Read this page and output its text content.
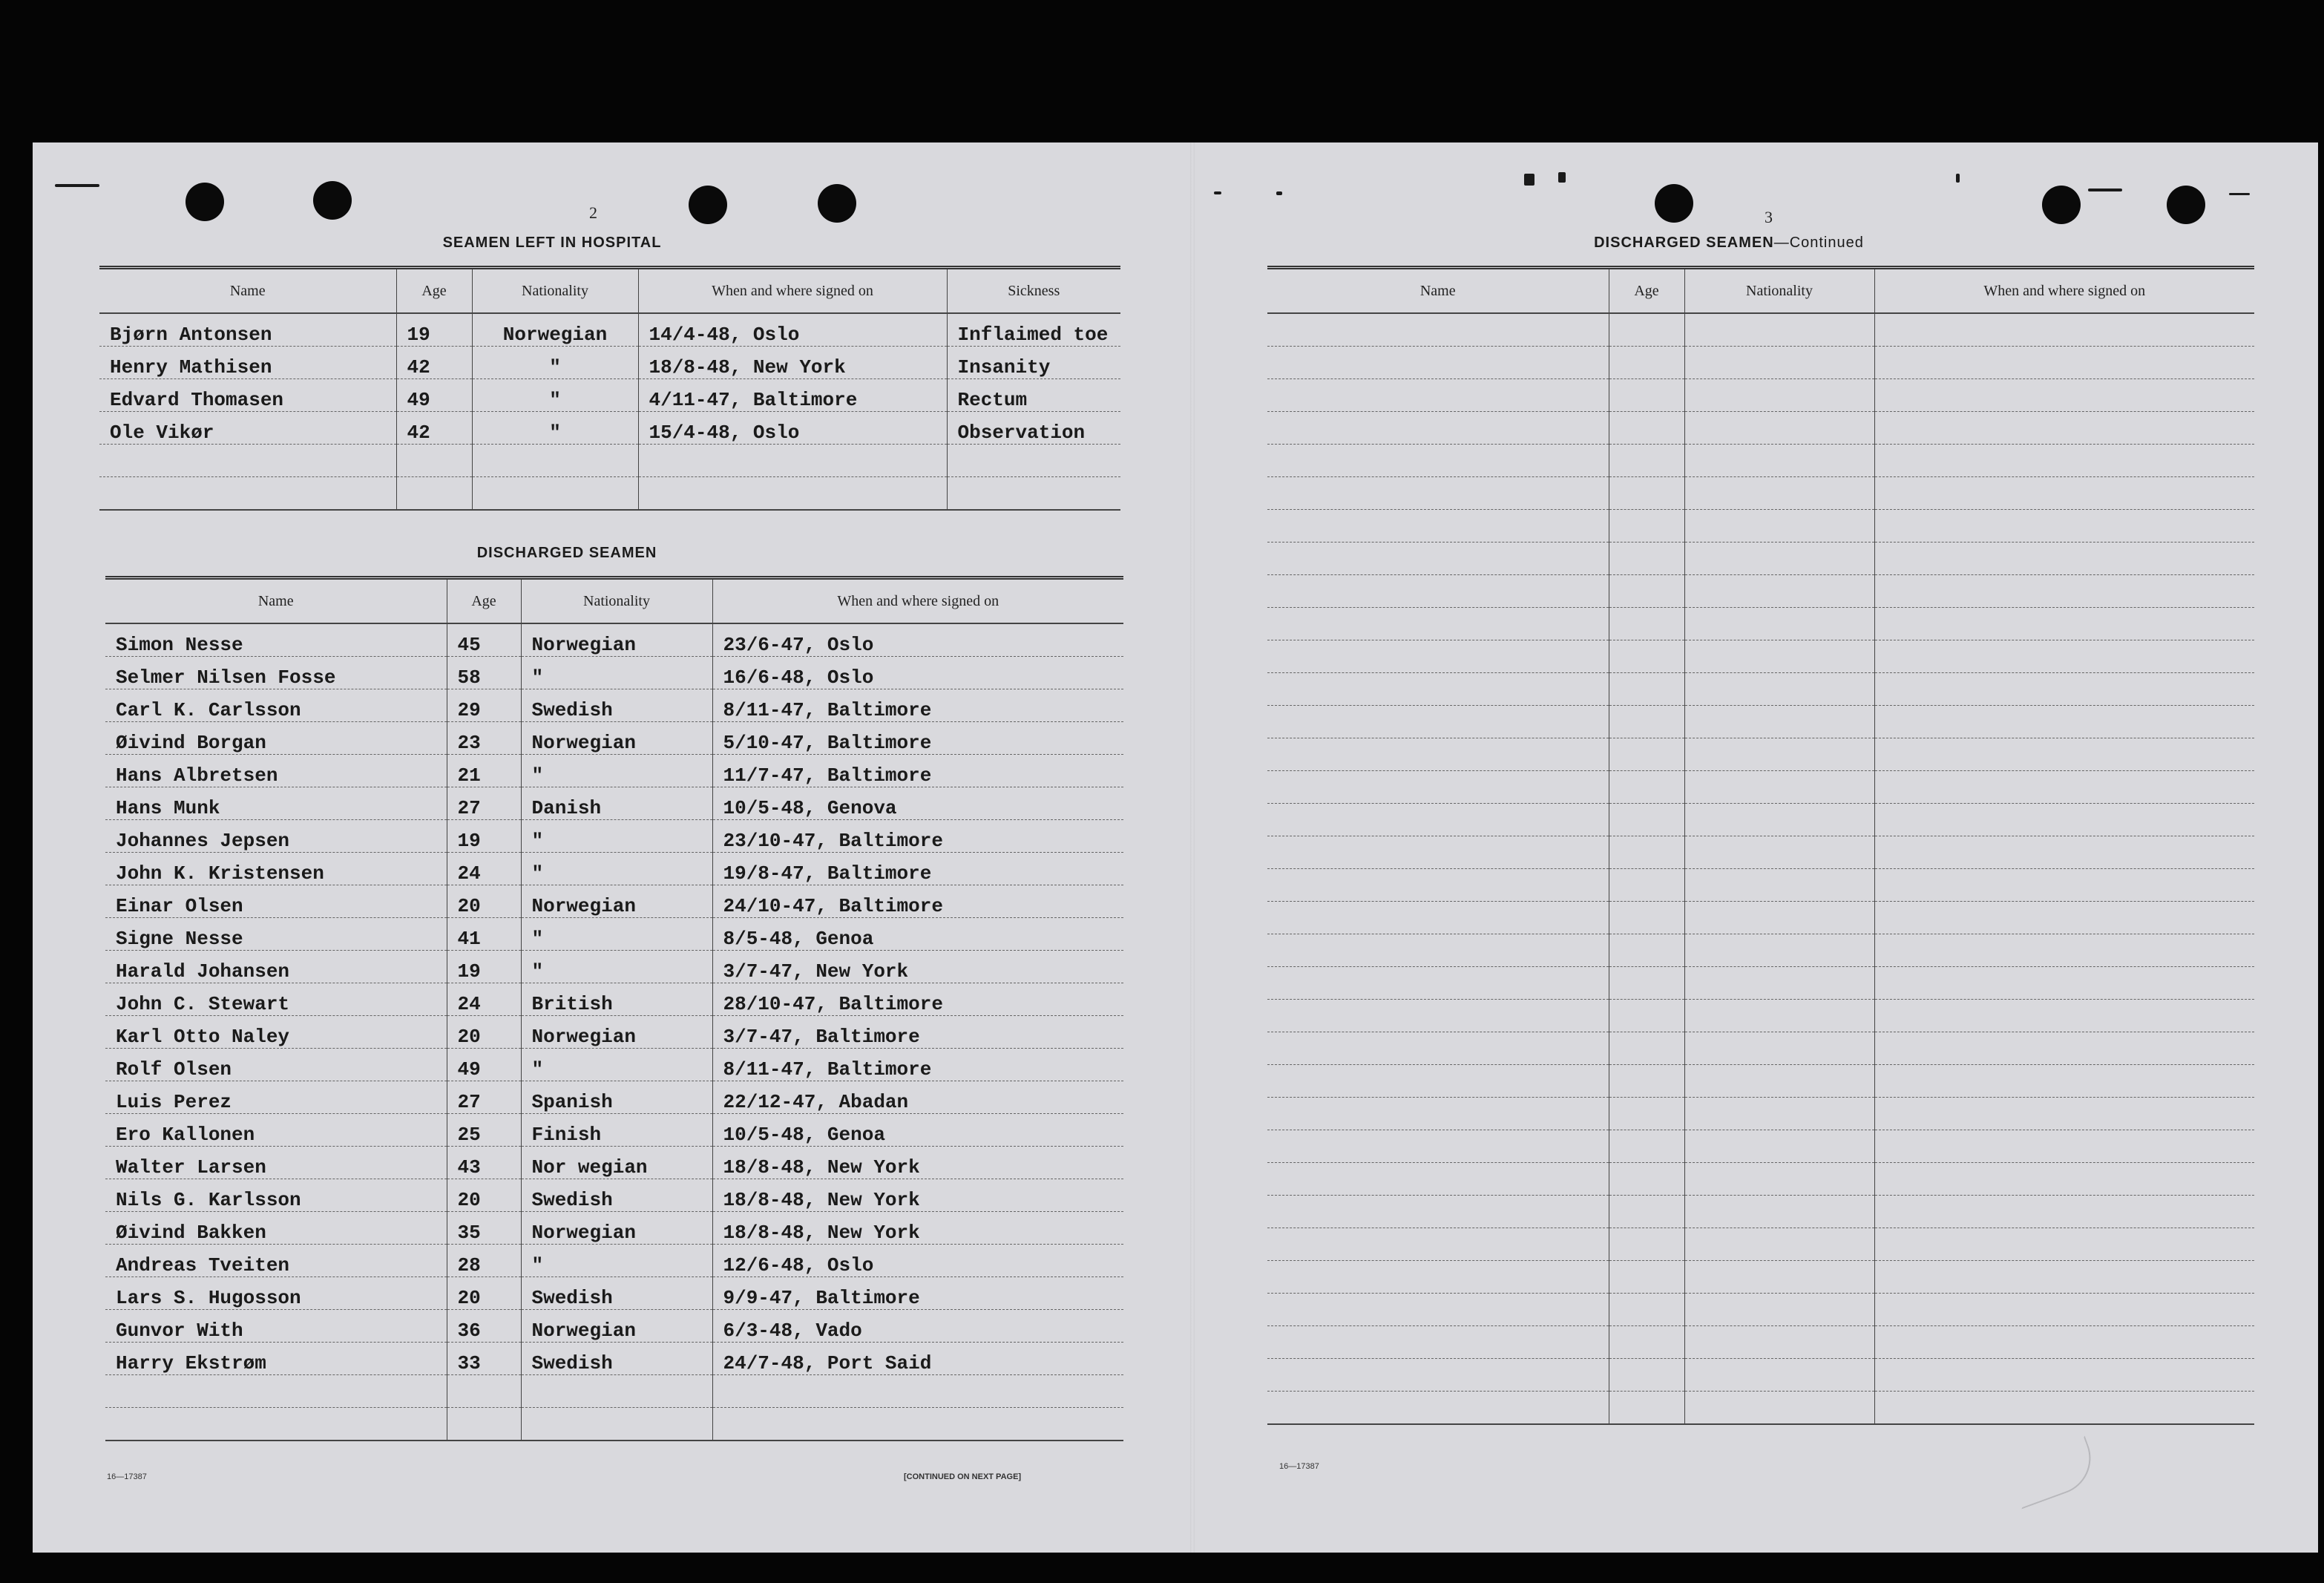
2
SEAMEN LEFT IN HOSPITAL
Name	Age	Nationality	When and where signed on	Sickness
Bjørn Antonsen	19	Norwegian	14/4-48, Oslo	Inflaimed toe
Henry Mathisen	42	"	18/8-48, New York	Insanity
Edvard Thomasen	49	"	4/11-47, Baltimore	Rectum
Ole Vikør	42	"	15/4-48, Oslo	Observation

DISCHARGED SEAMEN
Name	Age	Nationality	When and where signed on
Simon Nesse	45	Norwegian	23/6-47, Oslo
Selmer Nilsen Fosse	58	"	16/6-48, Oslo
Carl K. Carlsson	29	Swedish	8/11-47, Baltimore
Øivind Borgan	23	Norwegian	5/10-47, Baltimore
Hans Albretsen	21	"	11/7-47, Baltimore
Hans Munk	27	Danish	10/5-48, Genova
Johannes Jepsen	19	"	23/10-47, Baltimore
John K. Kristensen	24	"	19/8-47, Baltimore
Einar Olsen	20	Norwegian	24/10-47, Baltimore
Signe Nesse	41	"	8/5-48, Genoa
Harald Johansen	19	"	3/7-47, New York
John C. Stewart	24	British	28/10-47, Baltimore
Karl Otto Naley	20	Norwegian	3/7-47, Baltimore
Rolf Olsen	49	"	8/11-47, Baltimore
Luis Perez	27	Spanish	22/12-47, Abadan
Ero Kallonen	25	Finish	10/5-48, Genoa
Walter Larsen	43	Nor wegian	18/8-48, New York
Nils G. Karlsson	20	Swedish	18/8-48, New York
Øivind Bakken	35	Norwegian	18/8-48, New York
Andreas Tveiten	28	"	12/6-48, Oslo
Lars S. Hugosson	20	Swedish	9/9-47, Baltimore
Gunvor With	36	Norwegian	6/3-48, Vado
Harry Ekstrøm	33	Swedish	24/7-48, Port Said

16—17387	[CONTINUED ON NEXT PAGE]
3
DISCHARGED SEAMEN—Continued
Name	Age	Nationality	When and where signed on

16—17387
